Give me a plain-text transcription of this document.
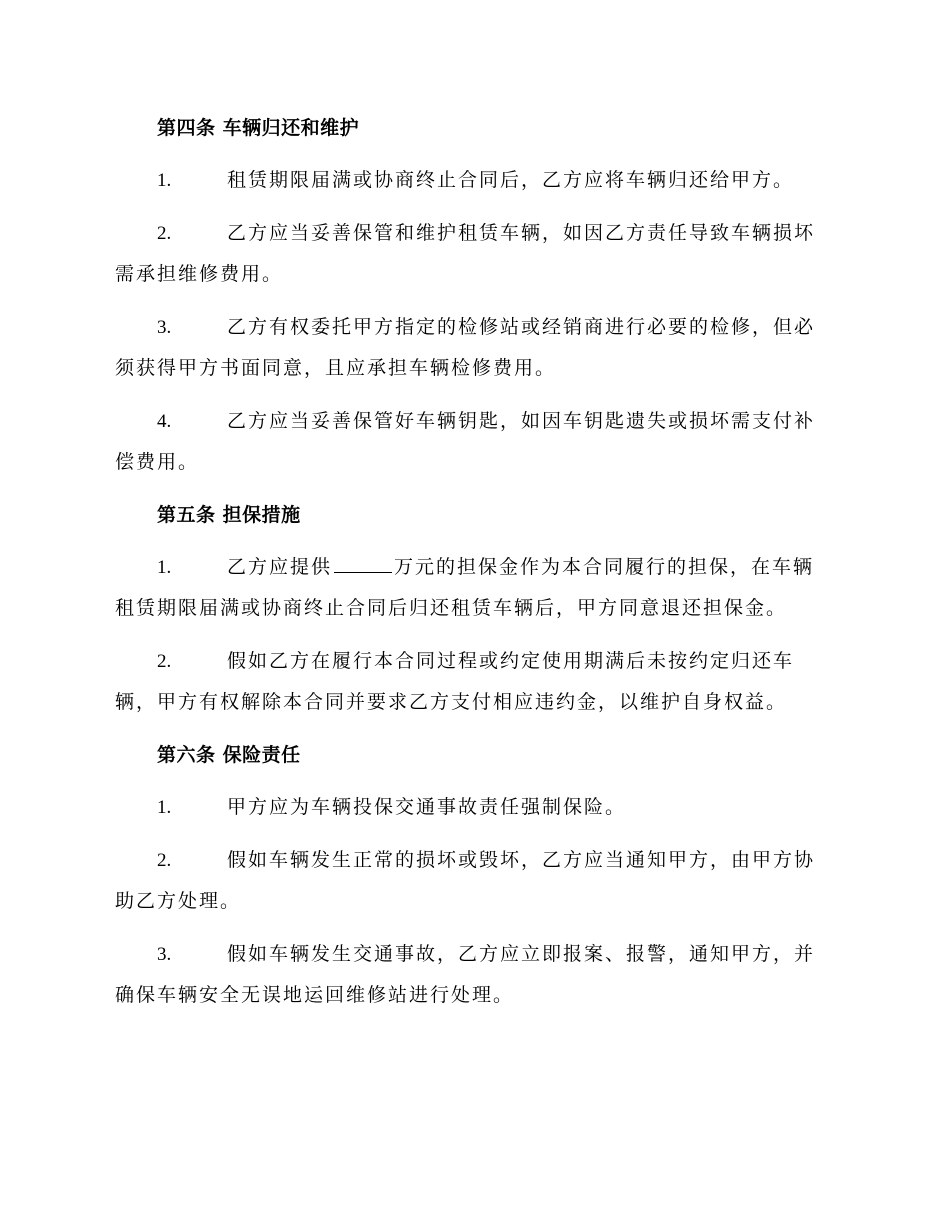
第四条 车辆归还和维护
1.	租赁期限届满或协商终止合同后，乙方应将车辆归还给甲方。
2.	乙方应当妥善保管和维护租赁车辆，如因乙方责任导致车辆损坏需承担维修费用。
3.	乙方有权委托甲方指定的检修站或经销商进行必要的检修，但必须获得甲方书面同意，且应承担车辆检修费用。
4.	乙方应当妥善保管好车辆钥匙，如因车钥匙遗失或损坏需支付补偿费用。
第五条 担保措施
1.	乙方应提供	万元的担保金作为本合同履行的担保，在车辆租赁期限届满或协商终止合同后归还租赁车辆后，甲方同意退还担保金。
2.	假如乙方在履行本合同过程或约定使用期满后未按约定归还车辆，甲方有权解除本合同并要求乙方支付相应违约金，以维护自身权益。
第六条 保险责任
1.	甲方应为车辆投保交通事故责任强制保险。
2.	假如车辆发生正常的损坏或毁坏，乙方应当通知甲方，由甲方协助乙方处理。
3.	假如车辆发生交通事故，乙方应立即报案、报警，通知甲方，并确保车辆安全无误地运回维修站进行处理。
